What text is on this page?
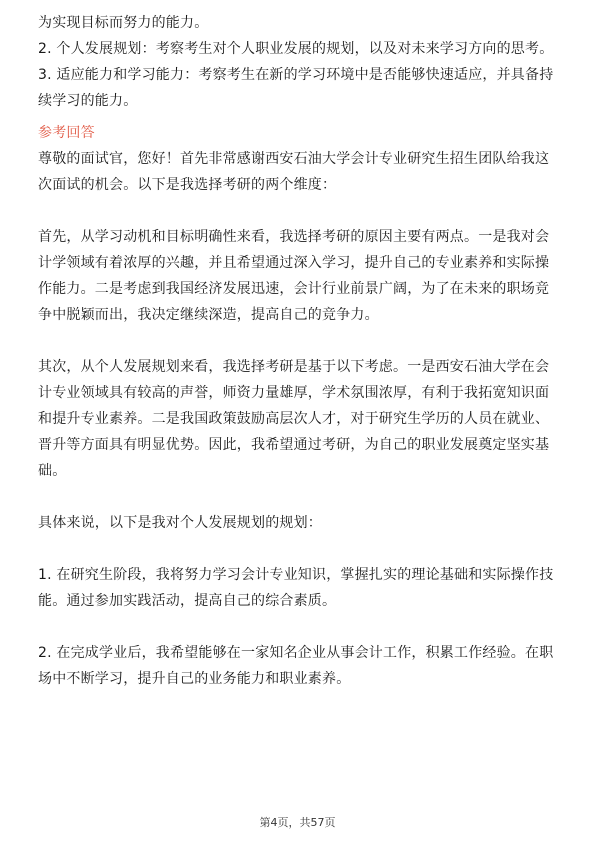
为实现目标而努力的能力。

2. 个人发展规划：考察考生对个人职业发展的规划，以及对未来学习方向的思考。

3. 适应能力和学习能力：考察考生在新的学习环境中是否能够快速适应，并具备持续学习的能力。

参考回答

尊敬的面试官，您好！首先非常感谢西安石油大学会计专业研究生招生团队给我这次面试的机会。以下是我选择考研的两个维度：

首先，从学习动机和目标明确性来看，我选择考研的原因主要有两点。一是我对会计学领域有着浓厚的兴趣，并且希望通过深入学习，提升自己的专业素养和实际操作能力。二是考虑到我国经济发展迅速，会计行业前景广阔，为了在未来的职场竞争中脱颖而出，我决定继续深造，提高自己的竞争力。

其次，从个人发展规划来看，我选择考研是基于以下考虑。一是西安石油大学在会计专业领域具有较高的声誉，师资力量雄厚，学术氛围浓厚，有利于我拓宽知识面和提升专业素养。二是我国政策鼓励高层次人才，对于研究生学历的人员在就业、晋升等方面具有明显优势。因此，我希望通过考研，为自己的职业发展奠定坚实基础。

具体来说，以下是我对个人发展规划的规划：

1. 在研究生阶段，我将努力学习会计专业知识，掌握扎实的理论基础和实际操作技能。通过参加实践活动，提高自己的综合素质。

2. 在完成学业后，我希望能够在一家知名企业从事会计工作，积累工作经验。在职场中不断学习，提升自己的业务能力和职业素养。

第4页，共57页
